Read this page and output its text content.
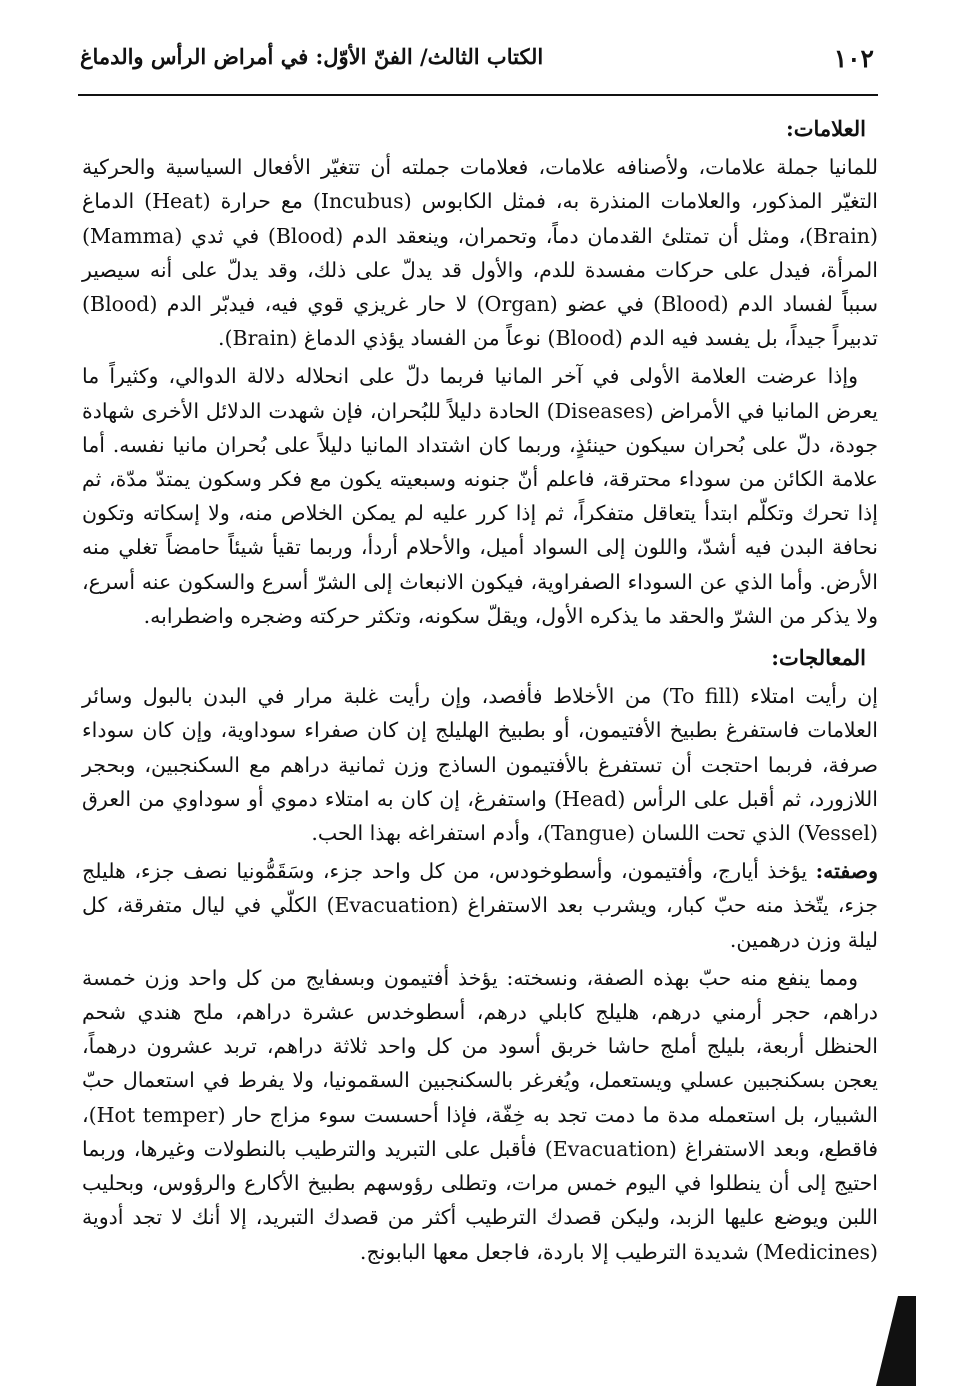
١٠٢
الكتاب الثالث/ الفنّ الأوّل: في أمراض الرأس والدماغ
العلامات:

للمانيا جملة علامات، ولأصنافه علامات، فعلامات جملته أن تتغيّر الأفعال السياسية والحركية التغيّر المذكور، والعلامات المنذرة به، فمثل الكابوس (Incubus) مع حرارة (Heat) الدماغ (Brain)، ومثل أن تمتلئ القدمان دماً، وتحمران، وينعقد الدم (Blood) في ثدي (Mamma) المرأة، فيدل على حركات مفسدة للدم، والأول قد يدلّ على ذلك، وقد يدلّ على أنه سيصير سبباً لفساد الدم (Blood) في عضو (Organ) لا حار غريزي قوي فيه، فيدبّر الدم (Blood) تدبيراً جيداً، بل يفسد فيه الدم (Blood) نوعاً من الفساد يؤذي الدماغ (Brain).

وإذا عرضت العلامة الأولى في آخر المانيا فربما دلّ على انحلاله دلالة الدوالي، وكثيراً ما يعرض المانيا في الأمراض (Diseases) الحادة دليلاً للبُحران، فإن شهدت الدلائل الأخرى شهادة جودة، دلّ على بُحران سيكون حينئذٍ، وربما كان اشتداد المانيا دليلاً على بُحران مانيا نفسه. أما علامة الكائن من سوداء محترقة، فاعلم أنّ جنونه وسبعيته يكون مع فكر وسكون يمتدّ مدّة، ثم إذا تحرك وتكلّم ابتدأ يتعاقل متفكراً، ثم إذا كرر عليه لم يمكن الخلاص منه، ولا إسكاته وتكون نحافة البدن فيه أشدّ، واللون إلى السواد أميل، والأحلام أردأ، وربما تقيأ شيئاً حامضاً تغلي منه الأرض. وأما الذي عن السوداء الصفراوية، فيكون الانبعاث إلى الشرّ أسرع والسكون عنه أسرع، ولا يذكر من الشرّ والحقد ما يذكره الأول، ويقلّ سكونه، وتكثر حركته وضجره واضطرابه.

المعالجات:

إن رأيت امتلاء (To fill) من الأخلاط فأفصد، وإن رأيت غلبة مرار في البدن بالبول وسائر العلامات فاستفرغ بطبيخ الأفتيمون، أو بطبيخ الهليلج إن كان صفراء سوداوية، وإن كان سوداء صرفة، فربما احتجت أن تستفرغ بالأفتيمون الساذج وزن ثمانية دراهم مع السكنجبين، وبحجر اللازورد، ثم أقبل على الرأس (Head) واستفرغ، إن كان به امتلاء دموي أو سوداوي من العرق (Vessel) الذي تحت اللسان (Tangue)، وأدم استفراغه بهذا الحب.

وصفته: يؤخذ أيارج، وأفتيمون، وأسطوخودس، من كل واحد جزء، وسَقَمُّونيا نصف جزء، هليلج جزء، يتّخذ منه حبّ كبار، ويشرب بعد الاستفراغ (Evacuation) الكلّي في ليال متفرقة، كل ليلة وزن درهمين.

ومما ينفع منه حبّ بهذه الصفة، ونسخته: يؤخذ أفتيمون وبسفايج من كل واحد وزن خمسة دراهم، حجر أرمني درهم، هليلج كابلي درهم، أسطوخدس عشرة دراهم، ملح هندي شحم الحنظل أربعة، بليلج أملج حاشا خربق أسود من كل واحد ثلاثة دراهم، تربد عشرون درهماً، يعجن بسكنجبين عسلي ويستعمل، ويُغرغر بالسكنجبين السقمونيا، ولا يفرط في استعمال حبّ الشبيار، بل استعمله مدة ما دمت تجد به خِفّة، فإذا أحسست سوء مزاج حار (Hot temper)، فاقطع، وبعد الاستفراغ (Evacuation) فأقبل على التبريد والترطيب بالنطولات وغيرها، وربما احتيج إلى أن ينطلوا في اليوم خمس مرات، وتطلى رؤوسهم بطبيخ الأكارع والرؤوس، وبحليب اللبن ويوضع عليها الزبد، وليكن قصدك الترطيب أكثر من قصدك التبريد، إلا أنك لا تجد أدوية (Medicines) شديدة الترطيب إلا باردة، فاجعل معها البابونج.
